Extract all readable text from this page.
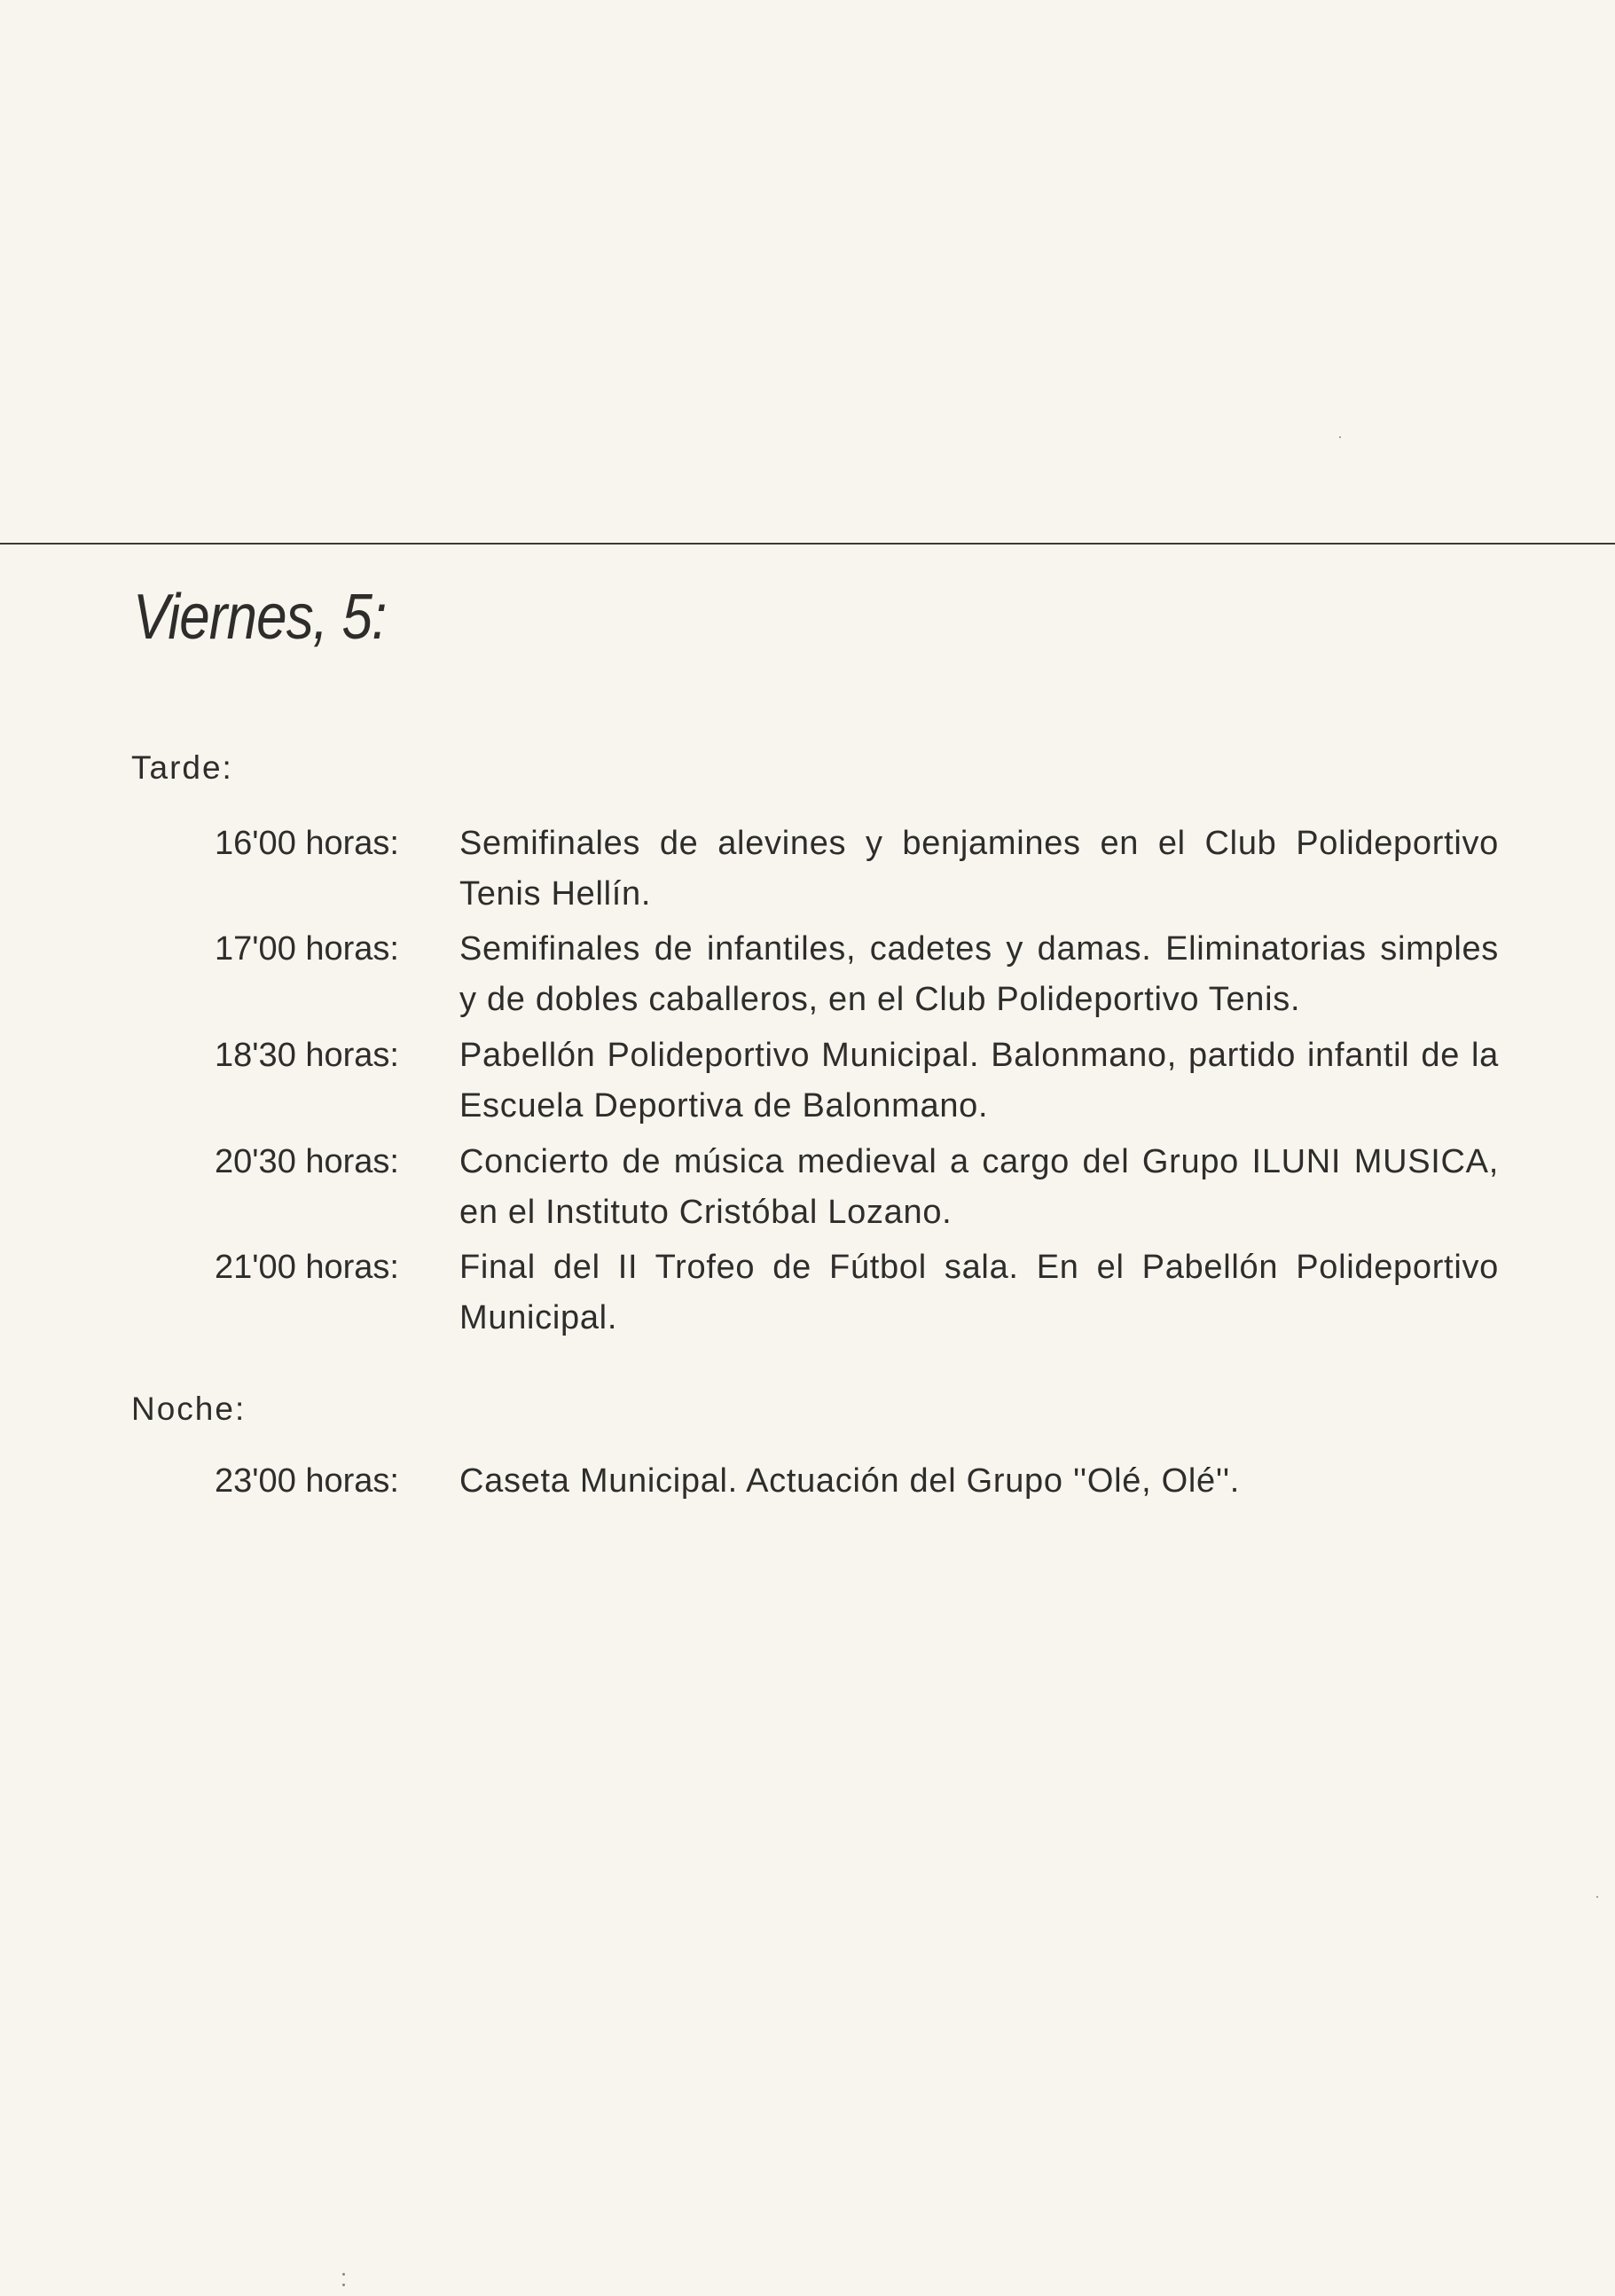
Viernes, 5:
Tarde:
16'00 horas: Semifinales de alevines y benjamines en el Club Polideportivo Tenis Hellín.
17'00 horas: Semifinales de infantiles, cadetes y damas. Eliminatorias simples y de dobles caballeros, en el Club Polideportivo Tenis.
18'30 horas: Pabellón Polideportivo Municipal. Balonmano, partido infantil de la Escuela Deportiva de Balonmano.
20'30 horas: Concierto de música medieval a cargo del Grupo ILUNI MUSICA, en el Instituto Cristóbal Lozano.
21'00 horas: Final del II Trofeo de Fútbol sala. En el Pabellón Polideportivo Municipal.
Noche:
23'00 horas: Caseta Municipal. Actuación del Grupo ''Olé, Olé''.
